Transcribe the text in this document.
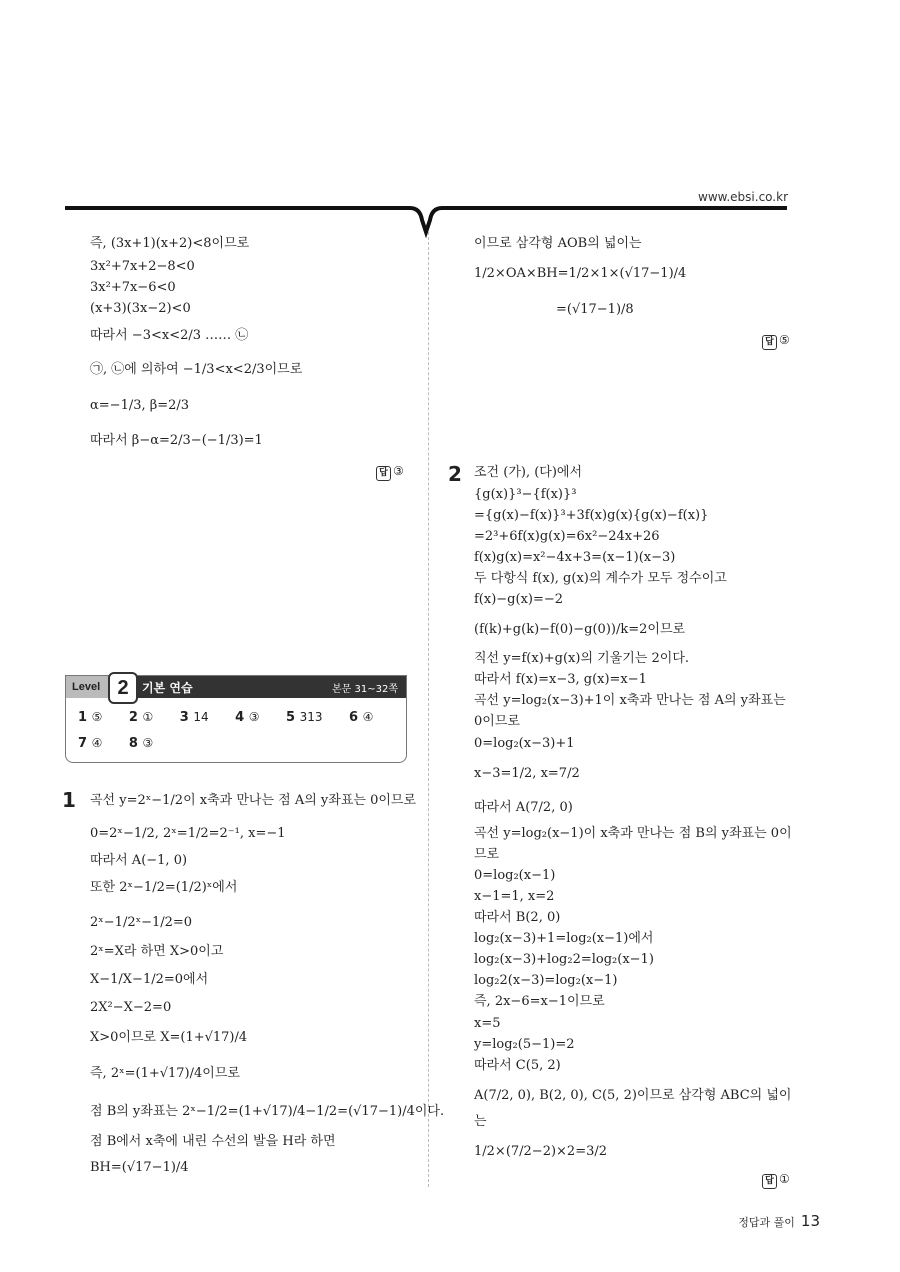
www.ebsi.co.kr
즉, (3x+1)(x+2)<8이므로
3x²+7x+2−8<0
3x²+7x−6<0
(x+3)(3x−2)<0
따라서 −3<x<2/3 …… ㉡
㉠, ㉡에 의하여 −1/3<x<2/3이므로
α=−1/3, β=2/3
따라서 β−α=2/3−(−1/3)=1
답 ③
Level 2	기본 연습	본문 31~32쪽
1 ⑤ 2 ① 3 14 4 ③ 5 313 6 ④
7 ④ 8 ③
1 곡선 y=2ˣ−1/2이 x축과 만나는 점 A의 y좌표는 0이므로
0=2ˣ−1/2, 2ˣ=1/2=2⁻¹, x=−1
따라서 A(−1, 0)
또한 2ˣ−1/2=(1/2)ˣ에서
2ˣ−1/2ˣ−1/2=0
2ˣ=X라 하면 X>0이고
X−1/X−1/2=0에서
2X²−X−2=0
X>0이므로 X=(1+√17)/4
즉, 2ˣ=(1+√17)/4이므로
점 B의 y좌표는 2ˣ−1/2=(1+√17)/4−1/2=(√17−1)/4이다.
점 B에서 x축에 내린 수선의 발을 H라 하면
BH=(√17−1)/4
이므로 삼각형 AOB의 넓이는
1/2×OA×BH=1/2×1×(√17−1)/4
=(√17−1)/8
답 ⑤
2 조건 (가), (다)에서
{g(x)}³−{f(x)}³
={g(x)−f(x)}³+3f(x)g(x){g(x)−f(x)}
=2³+6f(x)g(x)=6x²−24x+26
f(x)g(x)=x²−4x+3=(x−1)(x−3)
두 다항식 f(x), g(x)의 계수가 모두 정수이고
f(x)−g(x)=−2
(f(k)+g(k)−f(0)−g(0))/k=2이므로
직선 y=f(x)+g(x)의 기울기는 2이다.
따라서 f(x)=x−3, g(x)=x−1
곡선 y=log₂(x−3)+1이 x축과 만나는 점 A의 y좌표는
0이므로
0=log₂(x−3)+1
x−3=1/2, x=7/2
따라서 A(7/2, 0)
곡선 y=log₂(x−1)이 x축과 만나는 점 B의 y좌표는 0이
므로
0=log₂(x−1)
x−1=1, x=2
따라서 B(2, 0)
log₂(x−3)+1=log₂(x−1)에서
log₂(x−3)+log₂2=log₂(x−1)
log₂2(x−3)=log₂(x−1)
즉, 2x−6=x−1이므로
x=5
y=log₂(5−1)=2
따라서 C(5, 2)
A(7/2, 0), B(2, 0), C(5, 2)이므로 삼각형 ABC의 넓이
는
1/2×(7/2−2)×2=3/2
답 ①
정답과 풀이 13
